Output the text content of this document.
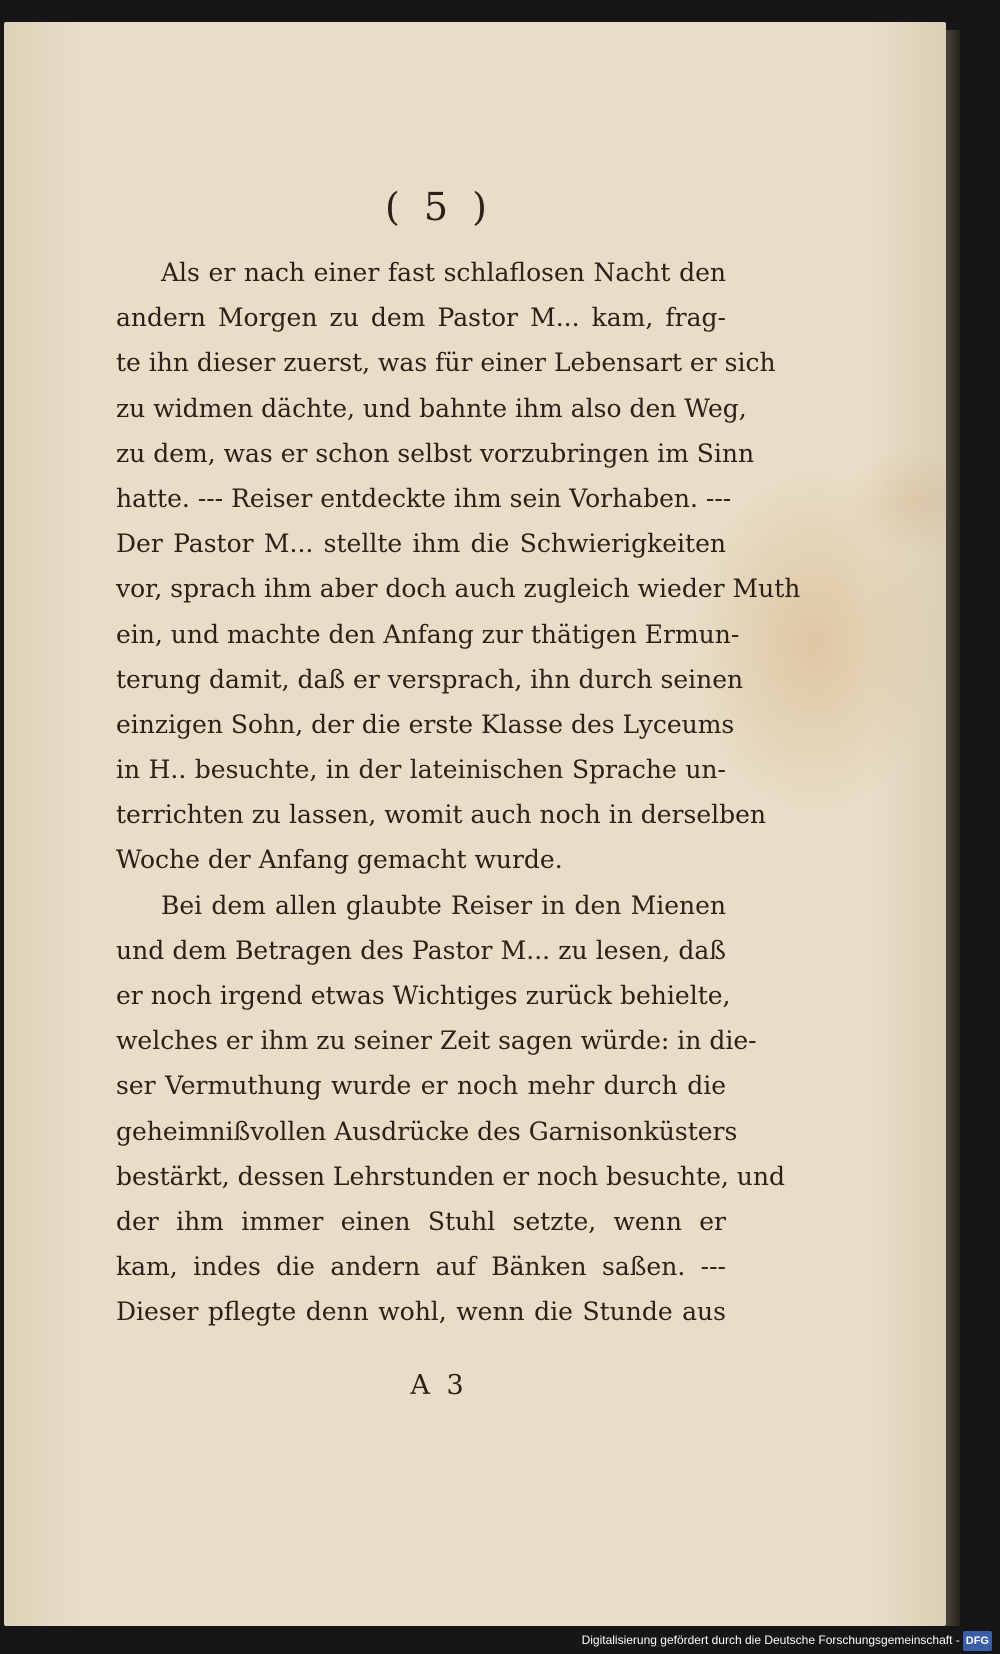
( 5 )
Als er nach einer fast schlaflosen Nacht den
andern Morgen zu dem Pastor M... kam, frag-
te ihn dieser zuerst, was für einer Lebensart er sich
zu widmen dächte, und bahnte ihm also den Weg,
zu dem, was er schon selbst vorzubringen im Sinn
hatte. --- Reiser entdeckte ihm sein Vorhaben. ---
Der Pastor M... stellte ihm die Schwierigkeiten
vor, sprach ihm aber doch auch zugleich wieder Muth
ein, und machte den Anfang zur thätigen Ermun-
terung damit, daß er versprach, ihn durch seinen
einzigen Sohn, der die erste Klasse des Lyceums
in H.. besuchte, in der lateinischen Sprache un-
terrichten zu lassen, womit auch noch in derselben
Woche der Anfang gemacht wurde.
Bei dem allen glaubte Reiser in den Mienen
und dem Betragen des Pastor M... zu lesen, daß
er noch irgend etwas Wichtiges zurück behielte,
welches er ihm zu seiner Zeit sagen würde: in die-
ser Vermuthung wurde er noch mehr durch die
geheimnißvollen Ausdrücke des Garnisonküsters
bestärkt, dessen Lehrstunden er noch besuchte, und
der ihm immer einen Stuhl setzte, wenn er
kam, indes die andern auf Bänken saßen. ---
Dieser pflegte denn wohl, wenn die Stunde aus
A 3
Digitalisierung gefördert durch die Deutsche Forschungsgemeinschaft - DFG
